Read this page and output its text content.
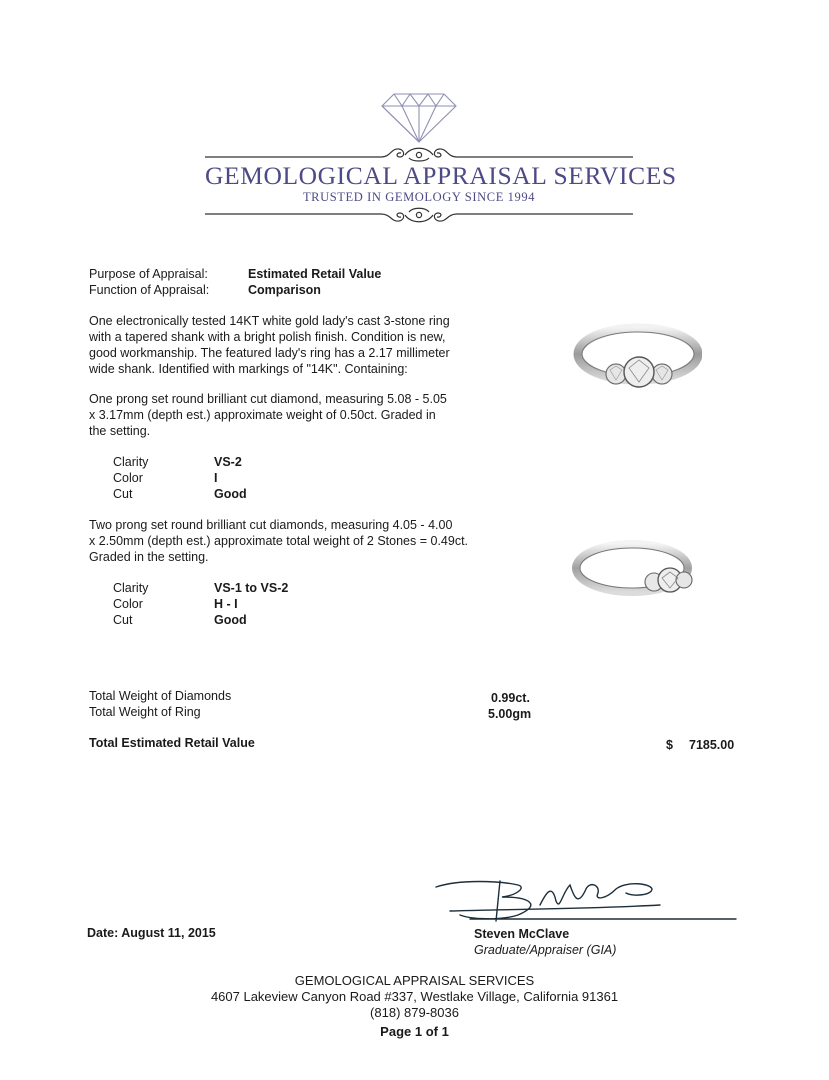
GEMOLOGICAL APPRAISAL SERVICES
TRUSTED IN GEMOLOGY SINCE 1994
Purpose of Appraisal:	Estimated Retail Value
Function of Appraisal:	Comparison
One electronically tested 14KT white gold lady's cast 3-stone ring
with a tapered shank with a bright polish finish. Condition is new,
good workmanship. The featured lady's ring has a 2.17 millimeter
wide shank. Identified with markings of "14K". Containing:
One prong set round brilliant cut diamond, measuring 5.08 - 5.05
x 3.17mm (depth est.) approximate weight of 0.50ct. Graded in
the setting.
Clarity	VS-2
Color	I
Cut	Good
Two prong set round brilliant cut diamonds, measuring 4.05 - 4.00
x 2.50mm (depth est.) approximate total weight of 2 Stones = 0.49ct.
Graded in the setting.
Clarity	VS-1 to VS-2
Color	H - I
Cut	Good
Total Weight of Diamonds	0.99ct.
Total Weight of Ring	5.00gm
Total Estimated Retail Value	$ 7185.00
Date: August 11, 2015	Steven McClave
Graduate/Appraiser (GIA)
GEMOLOGICAL APPRAISAL SERVICES
4607 Lakeview Canyon Road #337, Westlake Village, California 91361
(818) 879-8036
Page 1 of 1
